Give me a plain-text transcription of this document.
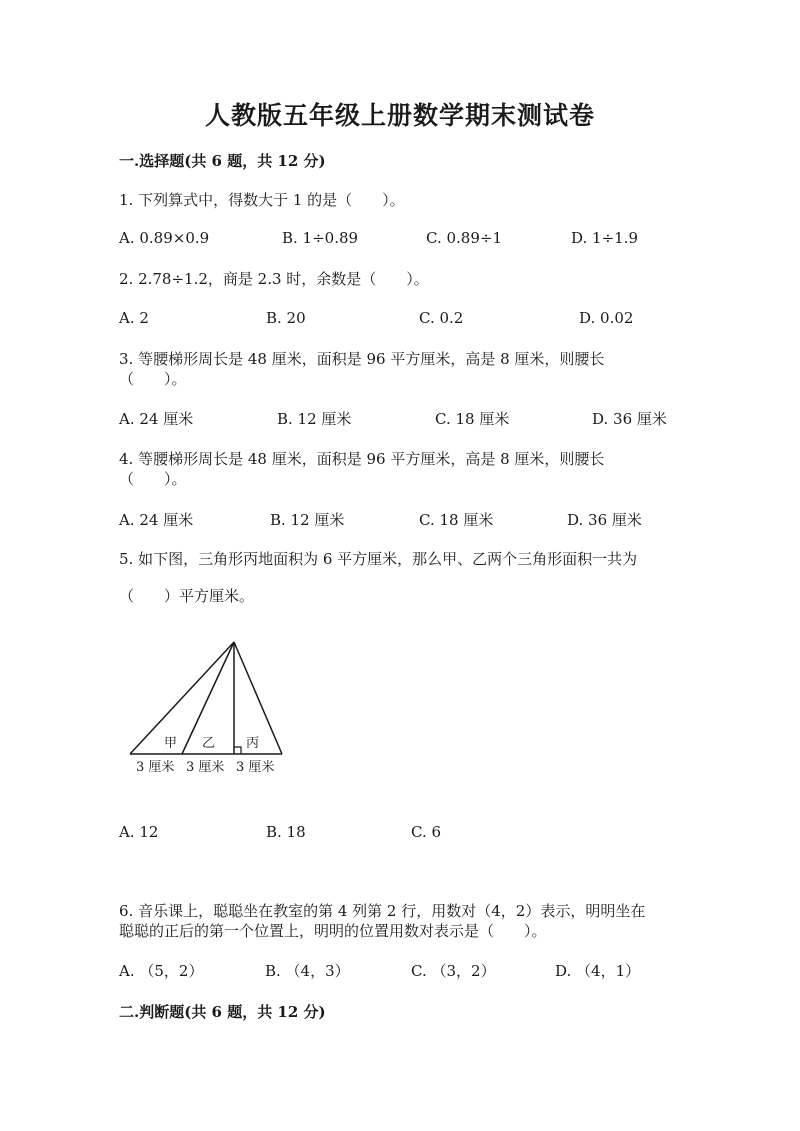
人教版五年级上册数学期末测试卷
一.选择题(共 6 题，共 12 分)
1. 下列算式中，得数大于 1 的是（　　）。
A. 0.89×0.9	B. 1÷0.89	C. 0.89÷1	D. 1÷1.9
2. 2.78÷1.2，商是 2.3 时，余数是（　　）。
A. 2	B. 20	C. 0.2	D. 0.02
3. 等腰梯形周长是 48 厘米，面积是 96 平方厘米，高是 8 厘米，则腰长
（　　）。
A. 24 厘米	B. 12 厘米	C. 18 厘米	D. 36 厘米
4. 等腰梯形周长是 48 厘米，面积是 96 平方厘米，高是 8 厘米，则腰长
（　　）。
A. 24 厘米	B. 12 厘米	C. 18 厘米	D. 36 厘米
5. 如下图，三角形丙地面积为 6 平方厘米，那么甲、乙两个三角形面积一共为
（　　）平方厘米。
甲 乙 丙
3 厘米 3 厘米 3 厘米
A. 12	B. 18	C. 6
6. 音乐课上，聪聪坐在教室的第 4 列第 2 行，用数对（4，2）表示，明明坐在
聪聪的正后的第一个位置上，明明的位置用数对表示是（　　）。
A. （5，2）	B. （4，3）	C. （3，2）	D. （4，1）
二.判断题(共 6 题，共 12 分)
